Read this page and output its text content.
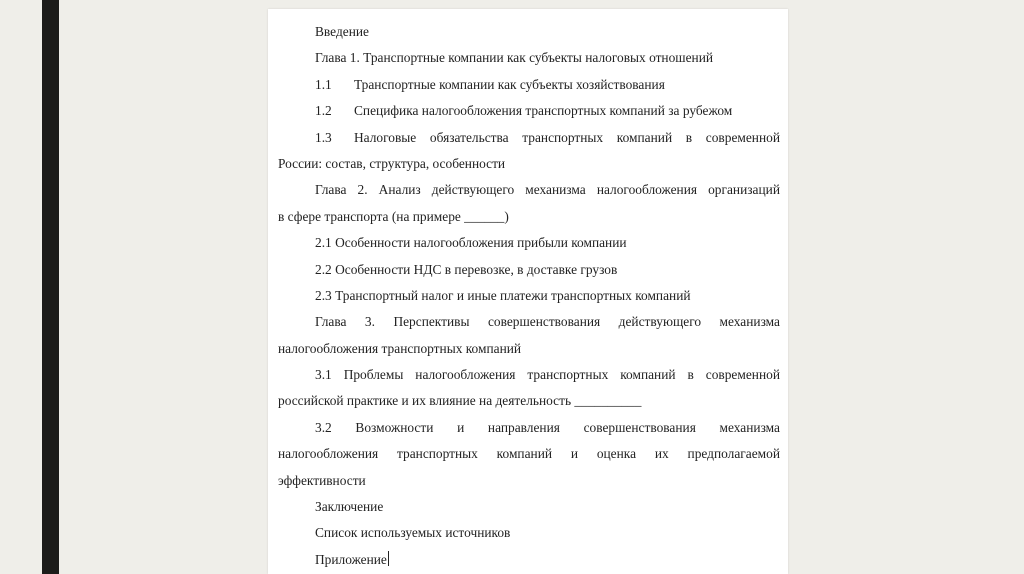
Введение
Глава 1. Транспортные компании как субъекты налоговых отношений
1.1 Транспортные компании как субъекты хозяйствования
1.2 Специфика налогообложения транспортных компаний за рубежом
1.3 Налоговые обязательства транспортных компаний в современной
России: состав, структура, особенности
Глава 2. Анализ действующего механизма налогообложения организаций
в сфере транспорта (на примере ______)
2.1 Особенности налогообложения прибыли компании
2.2 Особенности НДС в перевозке, в доставке грузов
2.3 Транспортный налог и иные платежи транспортных компаний
Глава 3. Перспективы совершенствования действующего механизма
налогообложения транспортных компаний
3.1 Проблемы налогообложения транспортных компаний в современной
российской практике и их влияние на деятельность __________
3.2 Возможности и направления совершенствования механизма
налогообложения транспортных компаний и оценка их предполагаемой
эффективности
Заключение
Список используемых источников
Приложение
